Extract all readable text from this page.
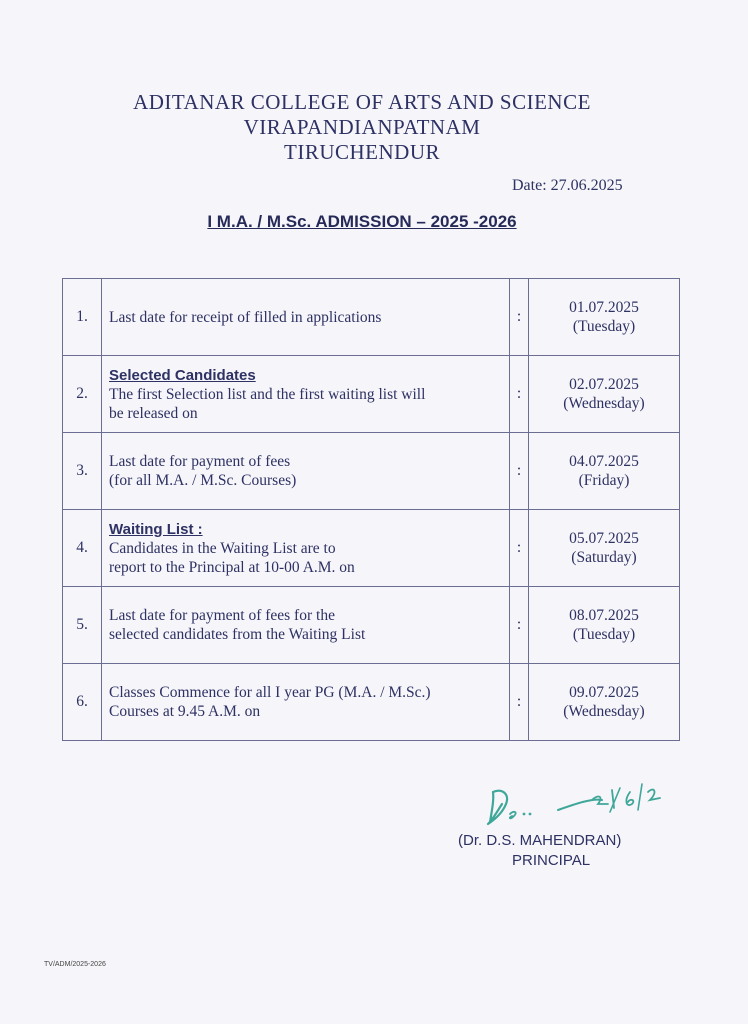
ADITANAR COLLEGE OF ARTS AND SCIENCE
VIRAPANDIANPATNAM
TIRUCHENDUR
Date: 27.06.2025
I M.A. / M.Sc. ADMISSION – 2025 -2026
1.	Last date for receipt of filled in applications	:	01.07.2025
(Tuesday)

2.	Selected Candidates
The first Selection list and the first waiting list will
be released on	:	02.07.2025
(Wednesday)

3.	Last date for payment of fees
(for all M.A. / M.Sc. Courses)	:	04.07.2025
(Friday)

4.	Waiting List :
Candidates in the Waiting List are to
report to the Principal at 10-00 A.M. on	:	05.07.2025
(Saturday)

5.	Last date for payment of fees for the
selected candidates from the Waiting List	:	08.07.2025
(Tuesday)

6.	Classes Commence for all I year PG (M.A. / M.Sc.)
Courses at 9.45 A.M. on	:	09.07.2025
(Wednesday)
(Dr. D.S. MAHENDRAN)
PRINCIPAL
TV/ADM/2025-2026
